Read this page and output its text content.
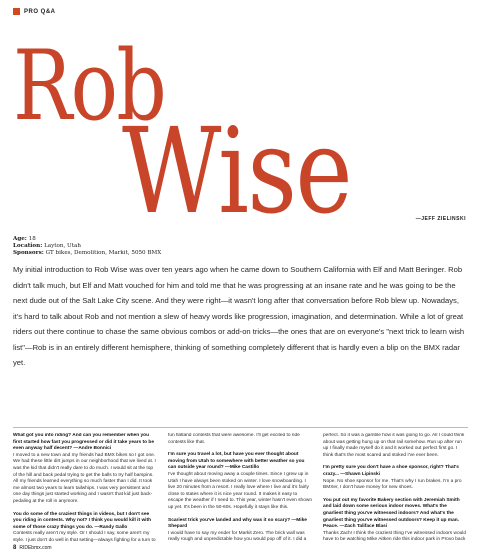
PRO Q&A
Rob
Wise	—JEFF ZIELINSKI
Age: 18
Location: Layton, Utah
Sponsors: GT bikes, Demolition, Markit, 5050 BMX
My initial introduction to Rob Wise was over ten years ago when he came down to Southern California with Elf and Matt Beringer. Rob didn't talk much, but Elf and Matt vouched for him and told me that he was progressing at an insane rate and he was going to be the next dude out of the Salt Lake City scene. And they were right—it wasn't long after that conversation before Rob blew up. Nowadays, it's hard to talk about Rob and not mention a slew of heavy words like progression, imagination, and determination. While a lot of great riders out there continue to chase the same obvious combos or add-on tricks—the ones that are on everyone's "next trick to learn wish list"—Rob is in an entirely different hemisphere, thinking of something completely different that is hardly even a blip on the BMX radar yet.

What got you into riding? And can you remember when you first started how fast you progressed or did it take years to be even anyway half decent? —Andre Bonnici
I moved to a new town and my friends had BMX bikes so I got one. We had these little dirt jumps in our neighborhood that we lived at. I was the kid that didn't really dare to do much. I would sit at the top of the hill and back pedal trying to get the balls to try half barspins. All my friends learned everything so much faster than I did. It took me almost two years to learn tailwhips. I was very persistent and one day things just started working and I wasn't that kid just back-pedaling at the roll in anymore.

You do some of the craziest things in videos, but I don't see you riding in contests. Why not? I think you would kill it with some of those crazy things you do. —Randy Gallo
Contests really aren't my style. Or I should I say, some aren't my style. I just don't do well in that setting—always fighting for a turn to

fun flatland contests that were awesome. I'll get excited to ride contests like that.

I'm sure you travel a lot, but have you ever thought about moving from Utah to somewhere with better weather so you can outside year round? —Mike Castillo
I've thought about moving away a couple times. Since I grew up in Utah I have always been stoked on winter. I love snowboarding. I live 20 minutes from a resort. I really love where I live and it's fairly close to states where it is nice year round. It makes it easy to escape the weather if I need to. This year, winter hasn't even shown up yet. It's been in the 50-60s. Hopefully it stays like this.

Scariest trick you've landed and why was it so scary? —Mike Shepard
I would have to say my ender for Markit Zero. The brick wall was really rough and unpredictable how you would pop off of it. I did a

perfect. So it was a gamble how it was going to go. All I could think about was getting hung up on that rail somehow. Run up after run up I finally made myself do it and it worked out perfect first go. I think that's the most scared and stoked I've ever been.

I'm pretty sure you don't have a shoe sponsor, right? That's crazy... —Shawn Lipinski
Nope. No shoe sponsor for me. That's why I run brakes. I'm a pro BMXer, I don't have money for new shoes.

You put out my favorite Bakery section with Jeremiah Smith and laid down some serious indoor moves. What's the gnarliest thing you've witnessed indoors? And what's the gnarliest thing you've witnessed outdoors? Keep it up man. Peace. —Zach Taliface Blasi
Thanks Zach! I think the craziest thing I've witnessed indoors would have to be watching Mike Aitken ride this indoor park in Provo back

8 RIDEbmx.com
